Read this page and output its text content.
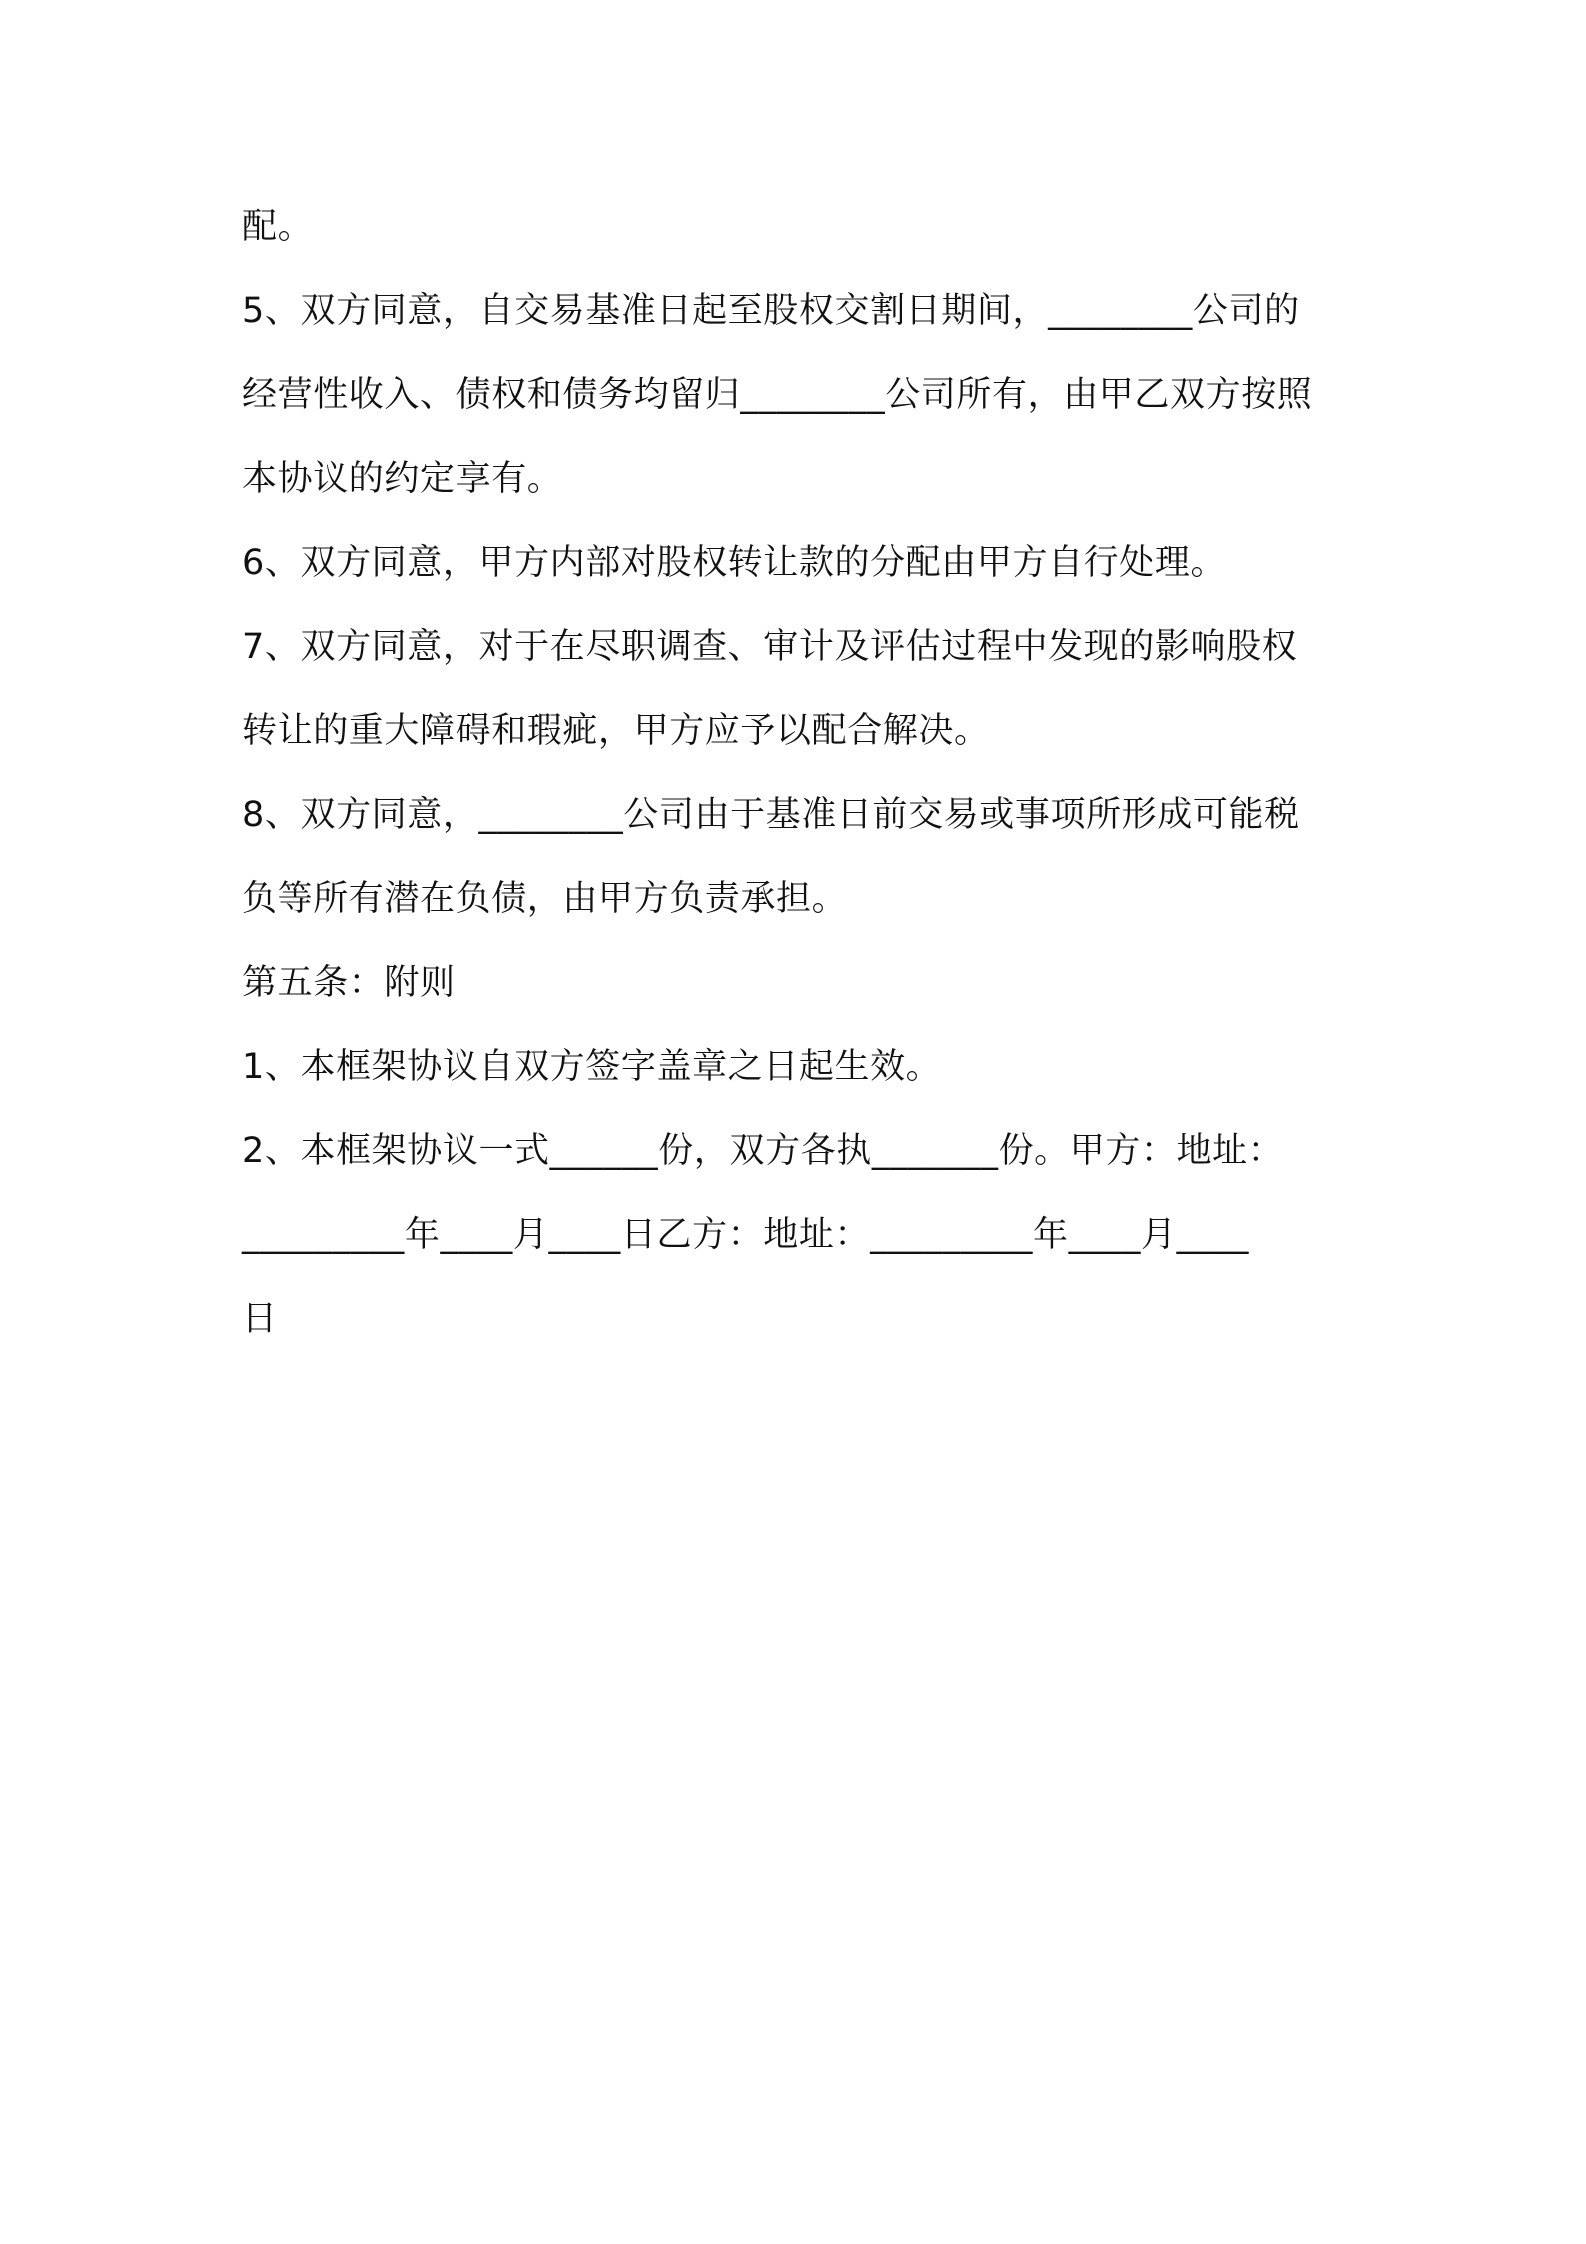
配。
5、双方同意，自交易基准日起至股权交割日期间，________公司的
经营性收入、债权和债务均留归________公司所有，由甲乙双方按照
本协议的约定享有。
6、双方同意，甲方内部对股权转让款的分配由甲方自行处理。
7、双方同意，对于在尽职调查、审计及评估过程中发现的影响股权
转让的重大障碍和瑕疵，甲方应予以配合解决。
8、双方同意，________公司由于基准日前交易或事项所形成可能税
负等所有潜在负债，由甲方负责承担。
第五条：附则
1、本框架协议自双方签字盖章之日起生效。
2、本框架协议一式______份，双方各执_______份。甲方：地址：
_________年____月____日乙方：地址：_________年____月____
日
